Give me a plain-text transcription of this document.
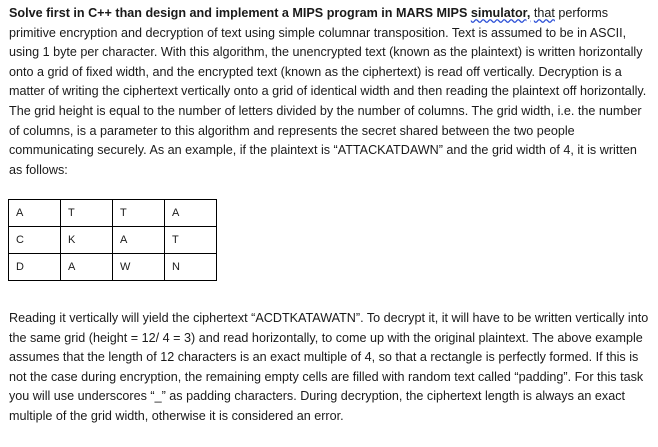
Solve first in C++ than design and implement a MIPS program in MARS MIPS simulator, that performs primitive encryption and decryption of text using simple columnar transposition. Text is assumed to be in ASCII, using 1 byte per character. With this algorithm, the unencrypted text (known as the plaintext) is written horizontally onto a grid of fixed width, and the encrypted text (known as the ciphertext) is read off vertically. Decryption is a matter of writing the ciphertext vertically onto a grid of identical width and then reading the plaintext off horizontally. The grid height is equal to the number of letters divided by the number of columns. The grid width, i.e. the number of columns, is a parameter to this algorithm and represents the secret shared between the two people communicating securely. As an example, if the plaintext is “ATTACKATDAWN” and the grid width of 4, it is written as follows:

A	T	T	A
C	K	A	T
D	A	W	N

Reading it vertically will yield the ciphertext “ACDTKATAWATN”. To decrypt it, it will have to be written vertically into the same grid (height = 12/ 4 = 3) and read horizontally, to come up with the original plaintext. The above example assumes that the length of 12 characters is an exact multiple of 4, so that a rectangle is perfectly formed. If this is not the case during encryption, the remaining empty cells are filled with random text called “padding”. For this task you will use underscores “_” as padding characters. During decryption, the ciphertext length is always an exact multiple of the grid width, otherwise it is considered an error.
